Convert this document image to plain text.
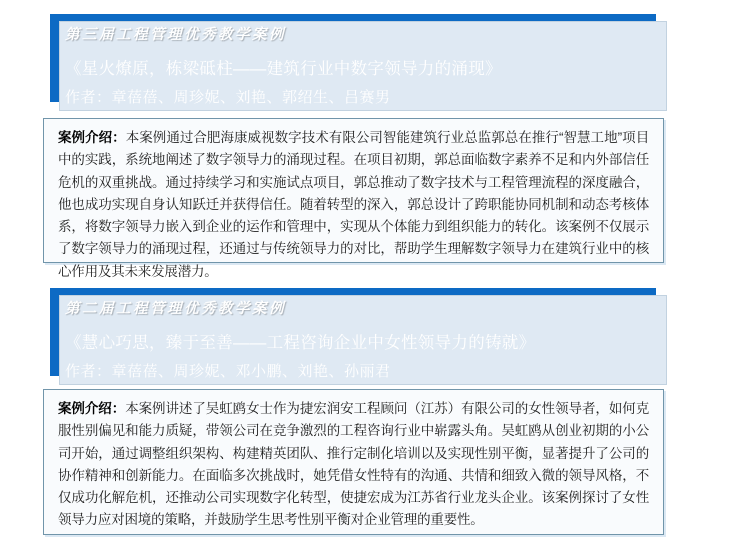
第三届工程管理优秀教学案例
《星火燎原，栋梁砥柱——建筑行业中数字领导力的涌现》
作者：章蓓蓓、周珍妮、刘艳、郭绍生、吕赛男

案例介绍：本案例通过合肥海康威视数字技术有限公司智能建筑行业总监郭总在推行“智慧工地”项目中的实践，系统地阐述了数字领导力的涌现过程。在项目初期，郭总面临数字素养不足和内外部信任危机的双重挑战。通过持续学习和实施试点项目，郭总推动了数字技术与工程管理流程的深度融合，他也成功实现自身认知跃迁并获得信任。随着转型的深入，郭总设计了跨职能协同机制和动态考核体系，将数字领导力嵌入到企业的运作和管理中，实现从个体能力到组织能力的转化。该案例不仅展示了数字领导力的涌现过程，还通过与传统领导力的对比，帮助学生理解数字领导力在建筑行业中的核心作用及其未来发展潜力。

第二届工程管理优秀教学案例
《慧心巧思，臻于至善——工程咨询企业中女性领导力的铸就》
作者：章蓓蓓、周珍妮、邓小鹏、刘艳、孙丽君

案例介绍：本案例讲述了吴虹鸥女士作为捷宏润安工程顾问（江苏）有限公司的女性领导者，如何克服性别偏见和能力质疑，带领公司在竞争激烈的工程咨询行业中崭露头角。吴虹鸥从创业初期的小公司开始，通过调整组织架构、构建精英团队、推行定制化培训以及实现性别平衡，显著提升了公司的协作精神和创新能力。在面临多次挑战时，她凭借女性特有的沟通、共情和细致入微的领导风格，不仅成功化解危机，还推动公司实现数字化转型，使捷宏成为江苏省行业龙头企业。该案例探讨了女性领导力应对困境的策略，并鼓励学生思考性别平衡对企业管理的重要性。
